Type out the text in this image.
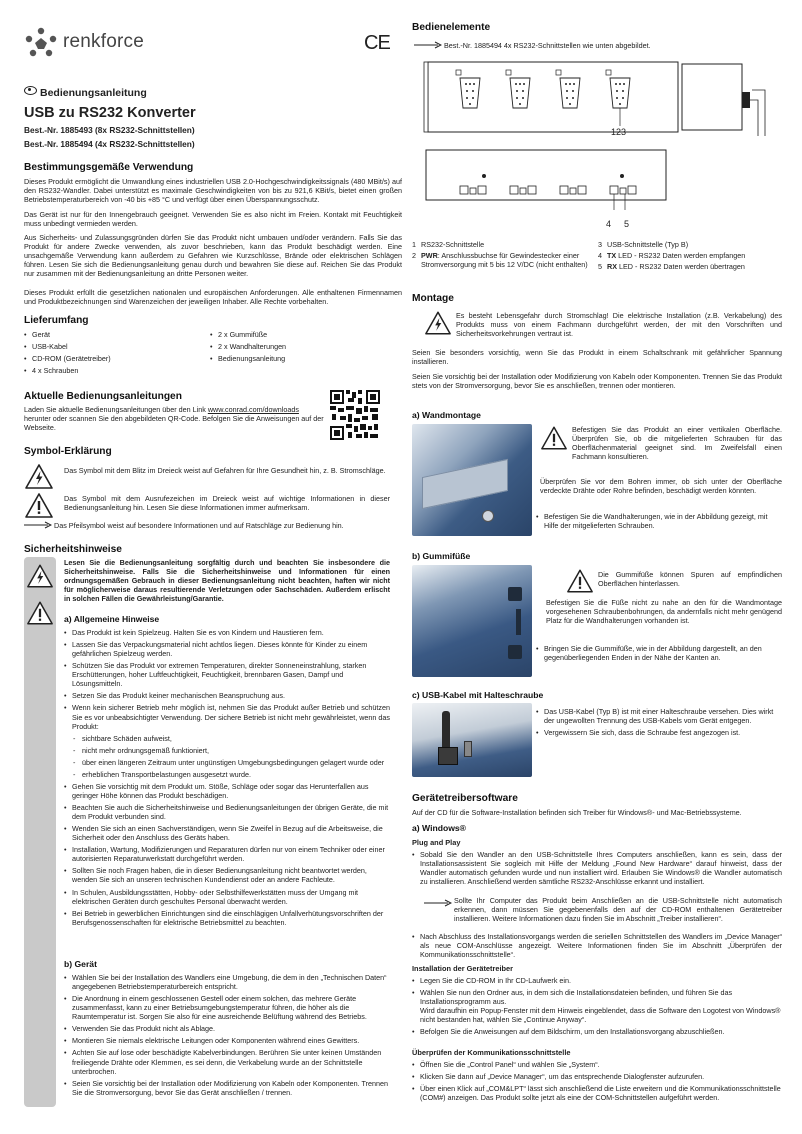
renkforce	CE
Bedienungsanleitung
USB zu RS232 Konverter
Best.-Nr. 1885493 (8x RS232-Schnittstellen)
Best.-Nr. 1885494 (4x RS232-Schnittstellen)
Bestimmungsgemäße Verwendung
Dieses Produkt ermöglicht die Umwandlung eines industriellen USB 2.0-Hochgeschwindigkeitssignals (480 MBit/s) auf den RS232-Wandler. Dabei unterstützt es maximale Geschwindigkeiten von bis zu 921,6 KBit/s, bietet einen großen Betriebstemperaturbereich von -40 bis +85 °C und verfügt über einen Überspannungsschutz.
Das Gerät ist nur für den Innengebrauch geeignet. Verwenden Sie es also nicht im Freien. Kontakt mit Feuchtigkeit muss unbedingt vermieden werden.
Aus Sicherheits- und Zulassungsgründen dürfen Sie das Produkt nicht umbauen und/oder verändern. Falls Sie das Produkt für andere Zwecke verwenden, als zuvor beschrieben, kann das Produkt beschädigt werden. Eine unsachgemäße Verwendung kann außerdem zu Gefahren wie Kurzschlüsse, Brände oder elektrischen Schlägen führen. Lesen Sie sich die Bedienungsanleitung genau durch und bewahren Sie diese auf. Reichen Sie das Produkt nur zusammen mit der Bedienungsanleitung an dritte Personen weiter.
Dieses Produkt erfüllt die gesetzlichen nationalen und europäischen Anforderungen. Alle enthaltenen Firmennamen und Produktbezeichnungen sind Warenzeichen der jeweiligen Inhaber. Alle Rechte vorbehalten.
Lieferumfang
• Gerät
• USB-Kabel
• CD-ROM (Gerätetreiber)
• 4 x Schrauben
• 2 x Gummifüße
• 2 x Wandhalterungen
• Bedienungsanleitung
Aktuelle Bedienungsanleitungen
Laden Sie aktuelle Bedienungsanleitungen über den Link www.conrad.com/downloads herunter oder scannen Sie den abgebildeten QR-Code. Befolgen Sie die Anweisungen auf der Webseite.
Symbol-Erklärung
Das Symbol mit dem Blitz im Dreieck weist auf Gefahren für Ihre Gesundheit hin, z. B. Stromschläge.
Das Symbol mit dem Ausrufezeichen im Dreieck weist auf wichtige Informationen in dieser Bedienungsanleitung hin. Lesen Sie diese Informationen immer aufmerksam.
Das Pfeilsymbol weist auf besondere Informationen und auf Ratschläge zur Bedienung hin.
Sicherheitshinweise
Lesen Sie die Bedienungsanleitung sorgfältig durch und beachten Sie insbesondere die Sicherheitshinweise. Falls Sie die Sicherheitshinweise und Informationen für einen ordnungsgemäßen Gebrauch in dieser Bedienungsanleitung nicht beachten, haften wir nicht für möglicherweise daraus resultierende Verletzungen oder Sachschäden. Außerdem erlischt in solchen Fällen die Gewährleistung/Garantie.
a) Allgemeine Hinweise
• Das Produkt ist kein Spielzeug. Halten Sie es von Kindern und Haustieren fern.
• Lassen Sie das Verpackungsmaterial nicht achtlos liegen. Dieses könnte für Kinder zu einem gefährlichen Spielzeug werden.
• Schützen Sie das Produkt vor extremen Temperaturen, direkter Sonneneinstrahlung, starken Erschütterungen, hoher Luftfeuchtigkeit, Feuchtigkeit, brennbaren Gasen, Dampf und Lösungsmitteln.
• Setzen Sie das Produkt keiner mechanischen Beanspruchung aus.
• Wenn kein sicherer Betrieb mehr möglich ist, nehmen Sie das Produkt außer Betrieb und schützen Sie es vor unbeabsichtigter Verwendung. Der sichere Betrieb ist nicht mehr gewährleistet, wenn das Produkt:
- sichtbare Schäden aufweist,
- nicht mehr ordnungsgemäß funktioniert,
- über einen längeren Zeitraum unter ungünstigen Umgebungsbedingungen gelagert wurde oder
- erheblichen Transportbelastungen ausgesetzt wurde.
• Gehen Sie vorsichtig mit dem Produkt um. Stöße, Schläge oder sogar das Herunterfallen aus geringer Höhe können das Produkt beschädigen.
• Beachten Sie auch die Sicherheitshinweise und Bedienungsanleitungen der übrigen Geräte, die mit dem Produkt verbunden sind.
• Wenden Sie sich an einen Sachverständigen, wenn Sie Zweifel in Bezug auf die Arbeitsweise, die Sicherheit oder den Anschluss des Geräts haben.
• Installation, Wartung, Modifizierungen und Reparaturen dürfen nur von einem Techniker oder einer autorisierten Reparaturwerkstatt durchgeführt werden.
• Sollten Sie noch Fragen haben, die in dieser Bedienungsanleitung nicht beantwortet werden, wenden Sie sich an unseren technischen Kundendienst oder an andere Fachleute.
• In Schulen, Ausbildungsstätten, Hobby- oder Selbsthilfewerkstätten muss der Umgang mit elektrischen Geräten durch geschultes Personal überwacht werden.
• Bei Betrieb in gewerblichen Einrichtungen sind die einschlägigen Unfallverhütungsvorschriften der Berufsgenossenschaften für elektrische Betriebsmittel zu beachten.
b) Gerät
• Wählen Sie bei der Installation des Wandlers eine Umgebung, die dem in den „Technischen Daten“ angegebenen Betriebstemperaturbereich entspricht.
• Die Anordnung in einem geschlossenen Gestell oder einem solchen, das mehrere Geräte zusammenfasst, kann zu einer Betriebsumgebungstemperatur führen, die höher als die Raumtemperatur ist. Sorgen Sie also für eine ausreichende Belüftung während des Betriebs.
• Verwenden Sie das Produkt nicht als Ablage.
• Montieren Sie niemals elektrische Leitungen oder Komponenten während eines Gewitters.
• Achten Sie auf lose oder beschädigte Kabelverbindungen. Berühren Sie unter keinen Umständen freiliegende Drähte oder Klemmen, es sei denn, die Verkabelung wurde an der Schnittstelle unterbrochen.
• Seien Sie vorsichtig bei der Installation oder Modifizierung von Kabeln oder Komponenten. Trennen Sie die Stromversorgung, bevor Sie das Gerät anschließen / trennen.
Bedienelemente
Best.-Nr. 1885494 4x RS232-Schnittstellen wie unten abgebildet.
123
4 5
1 RS232-Schnittstelle
2 PWR: Anschlussbuchse für Gewindestecker einer Stromversorgung mit 5 bis 12 V/DC (nicht enthalten)
3 USB-Schnittstelle (Typ B)
4 TX LED - RS232 Daten werden empfangen
5 RX LED - RS232 Daten werden übertragen
Montage
Es besteht Lebensgefahr durch Stromschlag! Die elektrische Installation (z.B. Verkabelung) des Produkts muss von einem Fachmann durchgeführt werden, der mit den Vorschriften und Sicherheitsvorkehrungen vertraut ist.
Seien Sie besonders vorsichtig, wenn Sie das Produkt in einem Schaltschrank mit gefährlicher Spannung installieren.
Seien Sie vorsichtig bei der Installation oder Modifizierung von Kabeln oder Komponenten. Trennen Sie das Produkt stets von der Stromversorgung, bevor Sie es anschließen, trennen oder montieren.
a) Wandmontage
Befestigen Sie das Produkt an einer vertikalen Oberfläche. Überprüfen Sie, ob die mitgelieferten Schrauben für das Oberflächenmaterial geeignet sind. Im Zweifelsfall einen Fachmann konsultieren.
Überprüfen Sie vor dem Bohren immer, ob sich unter der Oberfläche verdeckte Drähte oder Rohre befinden, beschädigt werden könnten.
• Befestigen Sie die Wandhalterungen, wie in der Abbildung gezeigt, mit Hilfe der mitgelieferten Schrauben.
b) Gummifüße
Die Gummifüße können Spuren auf empfindlichen Oberflächen hinterlassen.
Befestigen Sie die Füße nicht zu nahe an den für die Wandmontage vorgesehenen Schraubenbohrungen, da andernfalls nicht mehr genügend Platz für die Wandhalterungen vorhanden ist.
• Bringen Sie die Gummifüße, wie in der Abbildung dargestellt, an den gegenüberliegenden Enden in der Nähe der Kanten an.
c) USB-Kabel mit Halteschraube
• Das USB-Kabel (Typ B) ist mit einer Halteschraube versehen. Dies wirkt der ungewollten Trennung des USB-Kabels vom Gerät entgegen.
• Vergewissern Sie sich, dass die Schraube fest angezogen ist.
Gerätetreibersoftware
Auf der CD für die Software-Installation befinden sich Treiber für Windows®- und Mac-Betriebssysteme.
a) Windows®
Plug and Play
• Sobald Sie den Wandler an den USB-Schnittstelle Ihres Computers anschließen, kann es sein, dass der Installationsassistent Sie sogleich mit Hilfe der Meldung „Found New Hardware“ darauf hinweist, dass der Wandler automatisch gefunden wurde und nun installiert wird. Erlauben Sie Windows® die Wandler automatisch zu installieren. Anschließend werden sämtliche RS232-Anschlüsse erkannt und installiert.
Sollte Ihr Computer das Produkt beim Anschließen an die USB-Schnittstelle nicht automatisch erkennen, dann müssen Sie gegebenenfalls den auf der CD-ROM enthaltenen Gerätetreiber installieren. Weitere Informationen dazu finden Sie im Abschnitt „Treiber installieren“.
• Nach Abschluss des Installationsvorgangs werden die seriellen Schnittstellen des Wandlers im „Device Manager“ als neue COM-Anschlüsse angezeigt. Weitere Informationen finden Sie im Abschnitt „Überprüfen der Kommunikationsschnittstelle“.
Installation der Gerätetreiber
• Legen Sie die CD-ROM in Ihr CD-Laufwerk ein.
• Wählen Sie nun den Ordner aus, in dem sich die Installationsdateien befinden, und führen Sie das Installationsprogramm aus.
Wird daraufhin ein Popup-Fenster mit dem Hinweis eingeblendet, dass die Software den Logotest von Windows® nicht bestanden hat, wählen Sie „Continue Anyway“.
• Befolgen Sie die Anweisungen auf dem Bildschirm, um den Installationsvorgang abzuschließen.
Überprüfen der Kommunikationsschnittstelle
• Öffnen Sie die „Control Panel“ und wählen Sie „System“.
• Klicken Sie dann auf „Device Manager“, um das entsprechende Dialogfenster aufzurufen.
• Über einen Klick auf „COM&LPT“ lässt sich anschließend die Liste erweitern und die Kommunikationsschnittstelle (COM#) anzeigen. Das Produkt sollte jetzt als eine der COM-Schnittstellen aufgeführt werden.
